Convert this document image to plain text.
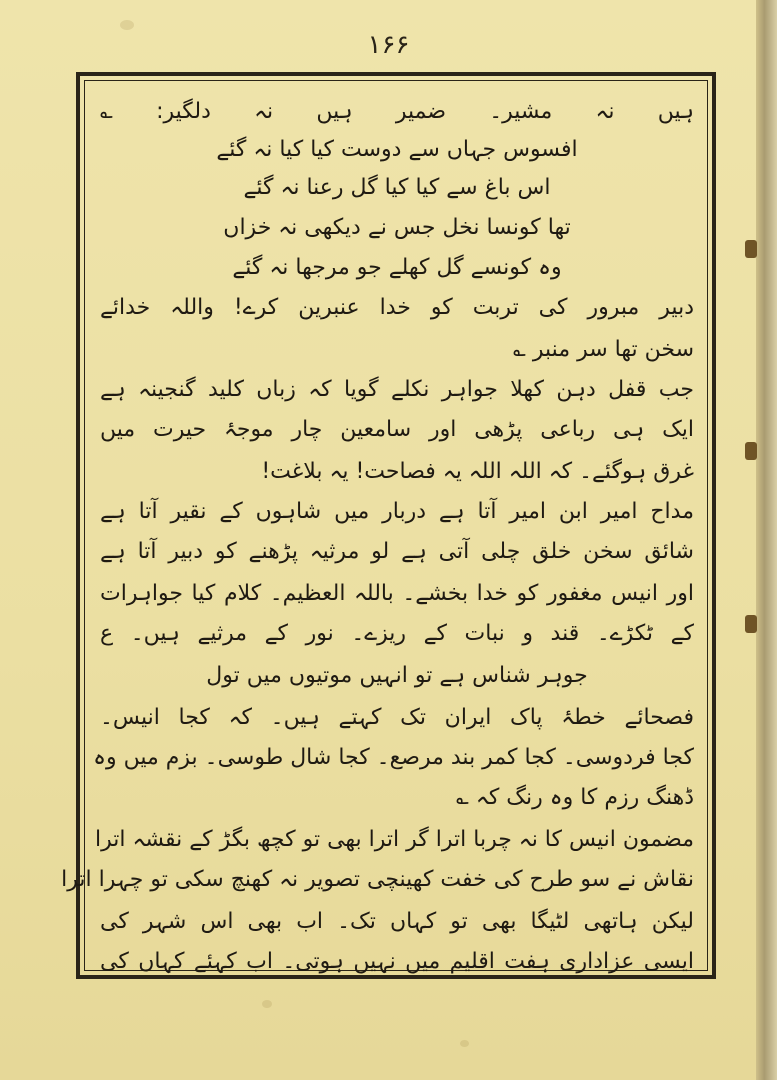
۱۶۶
ہیں نہ مشیر۔ ضمیر ہیں نہ دلگیر: ؎
افسوس جہاں سے دوست کیا کیا نہ گئے
اس باغ سے کیا کیا گل رعنا نہ گئے
تھا کونسا نخل جس نے دیکھی نہ خزاں
وہ کونسے گل کھلے جو مرجھا نہ گئے
دبیر مبرور کی تربت کو خدا عنبرین کرے! واللہ خدائے
سخن تھا سر منبر ؎
جب قفل دہن کھلا جواہر نکلے گویا کہ زباں کلید گنجینہ ہے
ایک ہی رباعی پڑھی اور سامعین چار موجۂ حیرت میں
غرق ہوگئے۔ کہ اللہ اللہ یہ فصاحت! یہ بلاغت!
مداح امیر ابن امیر آتا ہے دربار میں شاہوں کے نقیر آتا ہے
شائق سخن خلق چلی آتی ہے لو مرثیہ پڑھنے کو دبیر آتا ہے
اور انیس مغفور کو خدا بخشے۔ باللہ العظیم۔ کلام کیا جواہرات
کے ٹکڑے۔ قند و نبات کے ریزے۔ نور کے مرثیے ہیں۔ ع
جوہر شناس ہے تو انہیں موتیوں میں تول
فصحائے خطۂ پاک ایران تک کہتے ہیں۔ کہ کجا انیس۔
کجا فردوسی۔ کجا کمر بند مرصع۔ کجا شال طوسی۔ بزم میں وہ
ڈھنگ رزم کا وہ رنگ کہ ؎
مضمون انیس کا نہ چربا اترا گر اترا بھی تو کچھ بگڑ کے نقشہ اترا
نقاش نے سو طرح کی خفت کھینچی تصویر نہ کھنچ سکی تو چہرا اترا
لیکن ہاتھی لٹیگا بھی تو کہاں تک۔ اب بھی اس شہر کی
ایسی عزاداری ہفت اقلیم میں نہیں ہوتی۔ اب کہئے کہاں کی
